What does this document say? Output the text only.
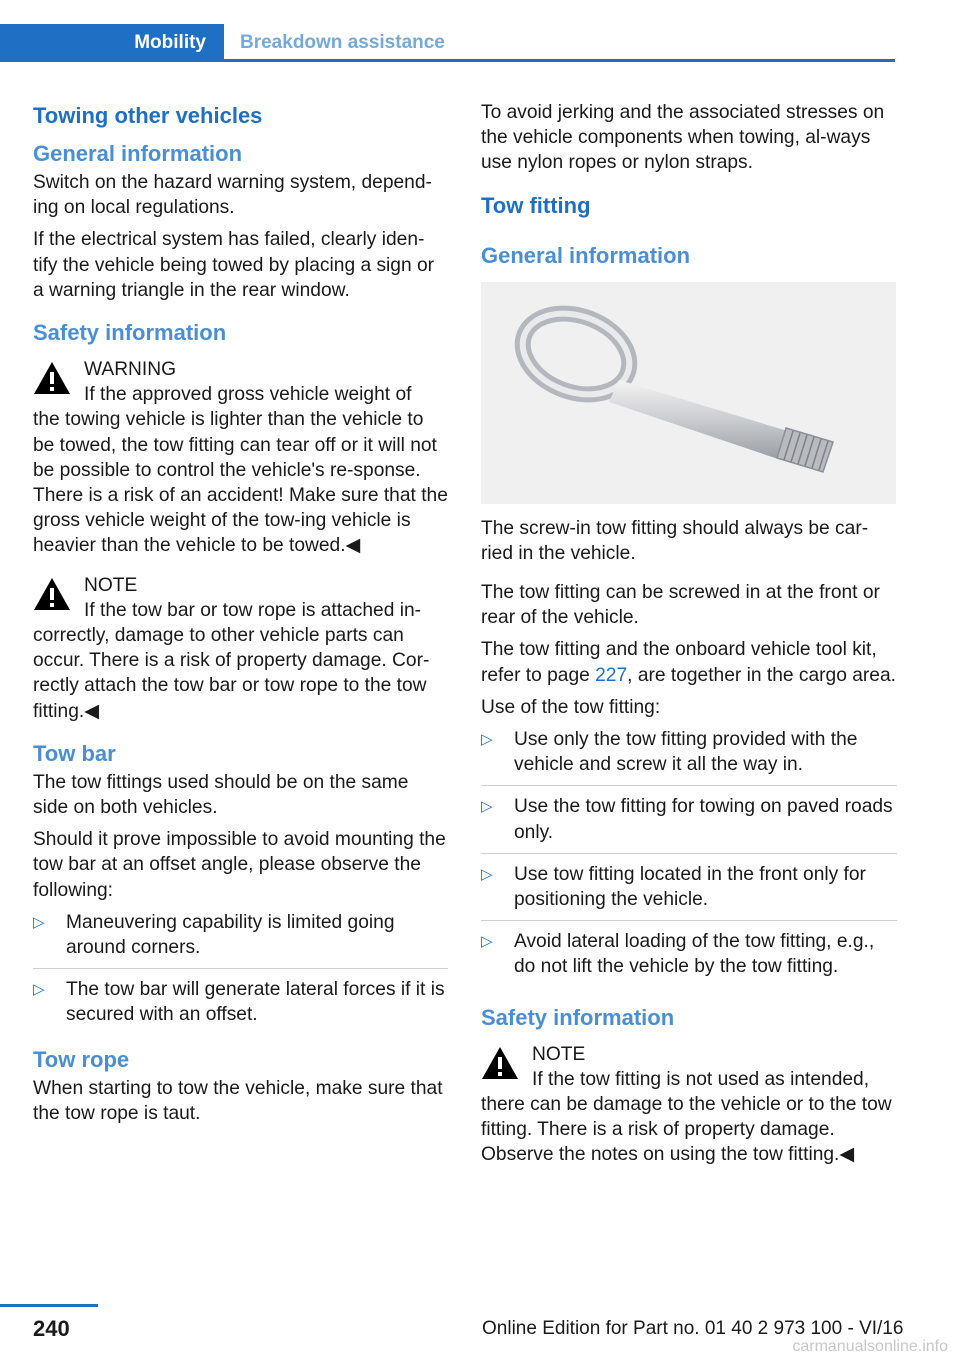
Mobility	Breakdown assistance
Towing other vehicles
General information

Switch on the hazard warning system, depend‐ing on local regulations.

If the electrical system has failed, clearly iden‐tify the vehicle being towed by placing a sign or a warning triangle in the rear window.

Safety information
WARNING
If the approved gross vehicle weight of

the towing vehicle is lighter than the vehicle to be towed, the tow fitting can tear off or it will not be possible to control the vehicle's re‐sponse. There is a risk of an accident! Make sure that the gross vehicle weight of the tow‐ing vehicle is heavier than the vehicle to be towed.◀

NOTE
If the tow bar or tow rope is attached in‐

correctly, damage to other vehicle parts can occur. There is a risk of property damage. Cor‐rectly attach the tow bar or tow rope to the tow fitting.◀

Tow bar

The tow fittings used should be on the same side on both vehicles.

Should it prove impossible to avoid mounting the tow bar at an offset angle, please observe the following:

▷ Maneuvering capability is limited going around corners.
▷ The tow bar will generate lateral forces if it is secured with an offset.
Tow rope

When starting to tow the vehicle, make sure that the tow rope is taut.

To avoid jerking and the associated stresses on the vehicle components when towing, al‐ways use nylon ropes or nylon straps.

Tow fitting
General information

The screw-in tow fitting should always be car‐ried in the vehicle.

The tow fitting can be screwed in at the front or rear of the vehicle.

The tow fitting and the onboard vehicle tool kit, refer to page 227, are together in the cargo area.

Use of the tow fitting:

▷ Use only the tow fitting provided with the vehicle and screw it all the way in.
▷ Use the tow fitting for towing on paved roads only.
▷ Use tow fitting located in the front only for positioning the vehicle.
▷ Avoid lateral loading of the tow fitting, e.g., do not lift the vehicle by the tow fitting.
Safety information
NOTE
If the tow fitting is not used as intended,

there can be damage to the vehicle or to the tow fitting. There is a risk of property damage. Observe the notes on using the tow fitting.◀

240	Online Edition for Part no. 01 40 2 973 100 - VI/16
carmanualsonline.info
